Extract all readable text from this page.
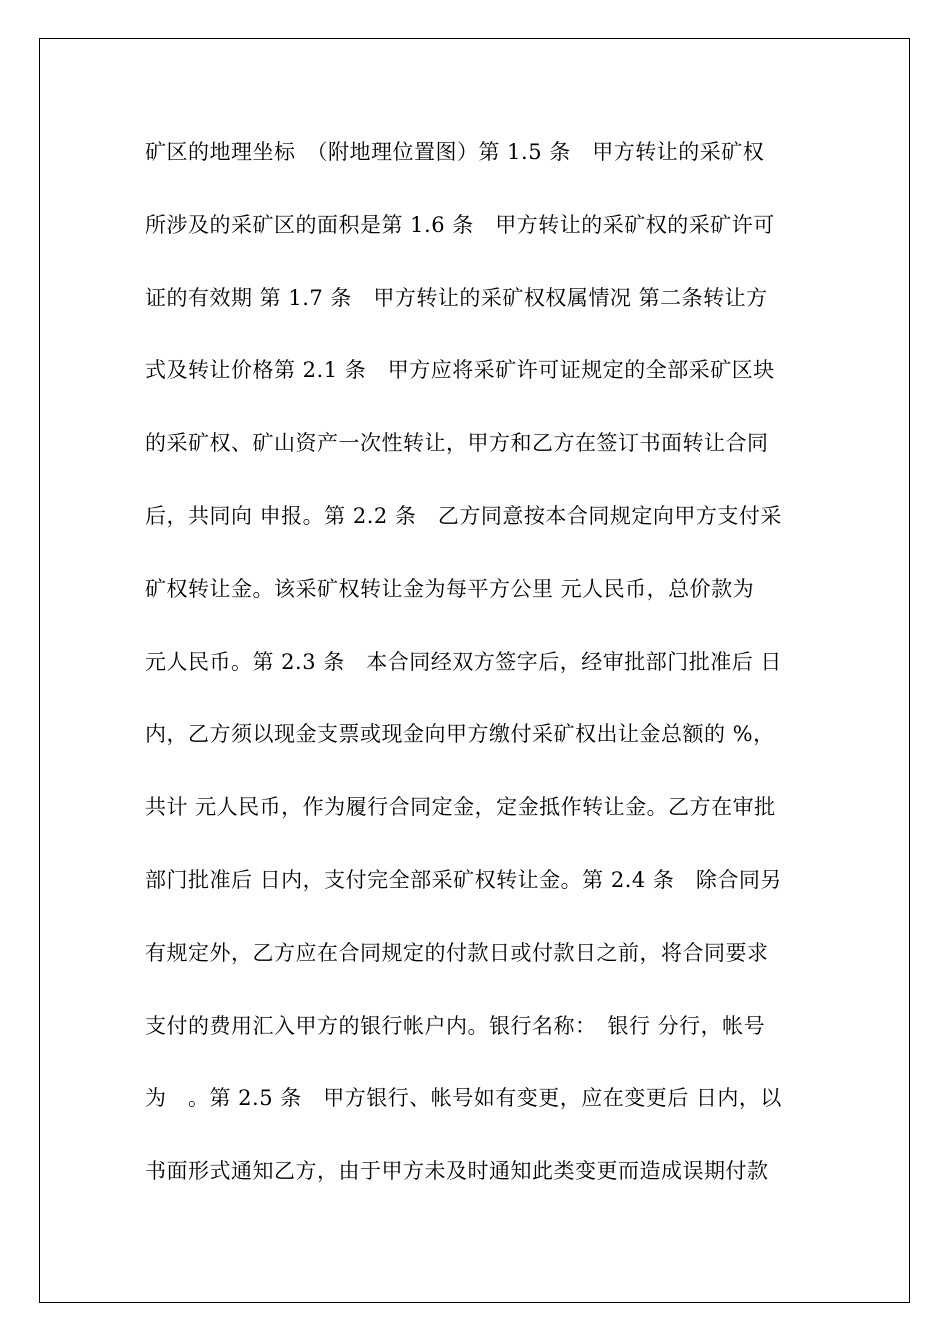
矿区的地理坐标　（附地理位置图）第 1.5 条　甲方转让的采矿权
所涉及的采矿区的面积是第 1.6 条　甲方转让的采矿权的采矿许可
证的有效期 第 1.7 条　甲方转让的采矿权权属情况 第二条转让方
式及转让价格第 2.1 条　甲方应将采矿许可证规定的全部采矿区块
的采矿权、矿山资产一次性转让，甲方和乙方在签订书面转让合同
后，共同向 申报。第 2.2 条　乙方同意按本合同规定向甲方支付采
矿权转让金。该采矿权转让金为每平方公里 元人民币，总价款为
元人民币。第 2.3 条　本合同经双方签字后，经审批部门批准后 日
内，乙方须以现金支票或现金向甲方缴付采矿权出让金总额的 %，
共计 元人民币，作为履行合同定金，定金抵作转让金。乙方在审批
部门批准后 日内，支付完全部采矿权转让金。第 2.4 条　除合同另
有规定外，乙方应在合同规定的付款日或付款日之前，将合同要求
支付的费用汇入甲方的银行帐户内。银行名称：　银行 分行，帐号
为　。第 2.5 条　甲方银行、帐号如有变更，应在变更后 日内，以
书面形式通知乙方，由于甲方未及时通知此类变更而造成误期付款
